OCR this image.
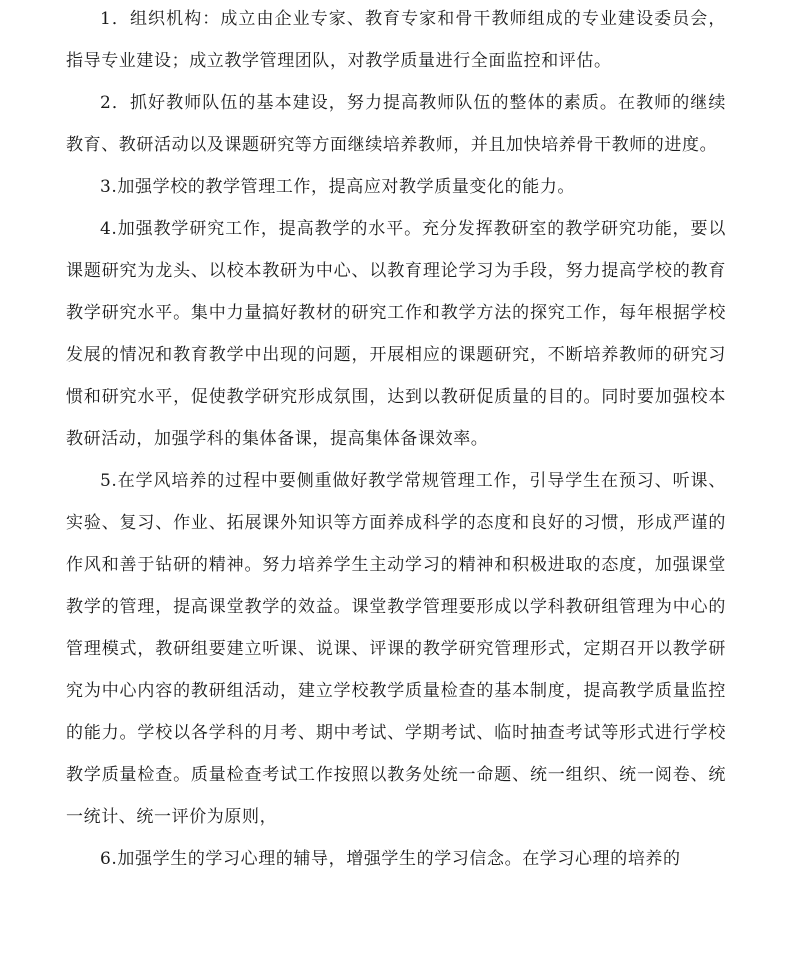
1．组织机构：成立由企业专家、教育专家和骨干教师组成的专业建设委员会，指导专业建设；成立教学管理团队，对教学质量进行全面监控和评估。

2．抓好教师队伍的基本建设，努力提高教师队伍的整体的素质。在教师的继续教育、教研活动以及课题研究等方面继续培养教师，并且加快培养骨干教师的进度。

3.加强学校的教学管理工作，提高应对教学质量变化的能力。

4.加强教学研究工作，提高教学的水平。充分发挥教研室的教学研究功能，要以课题研究为龙头、以校本教研为中心、以教育理论学习为手段，努力提高学校的教育教学研究水平。集中力量搞好教材的研究工作和教学方法的探究工作，每年根据学校发展的情况和教育教学中出现的问题，开展相应的课题研究，不断培养教师的研究习惯和研究水平，促使教学研究形成氛围，达到以教研促质量的目的。同时要加强校本教研活动，加强学科的集体备课，提高集体备课效率。

5.在学风培养的过程中要侧重做好教学常规管理工作，引导学生在预习、听课、实验、复习、作业、拓展课外知识等方面养成科学的态度和良好的习惯，形成严谨的作风和善于钻研的精神。努力培养学生主动学习的精神和积极进取的态度，加强课堂教学的管理，提高课堂教学的效益。课堂教学管理要形成以学科教研组管理为中心的管理模式，教研组要建立听课、说课、评课的教学研究管理形式，定期召开以教学研究为中心内容的教研组活动，建立学校教学质量检查的基本制度，提高教学质量监控的能力。学校以各学科的月考、期中考试、学期考试、临时抽查考试等形式进行学校教学质量检查。质量检查考试工作按照以教务处统一命题、统一组织、统一阅卷、统一统计、统一评价为原则，

6.加强学生的学习心理的辅导，增强学生的学习信念。在学习心理的培养的
